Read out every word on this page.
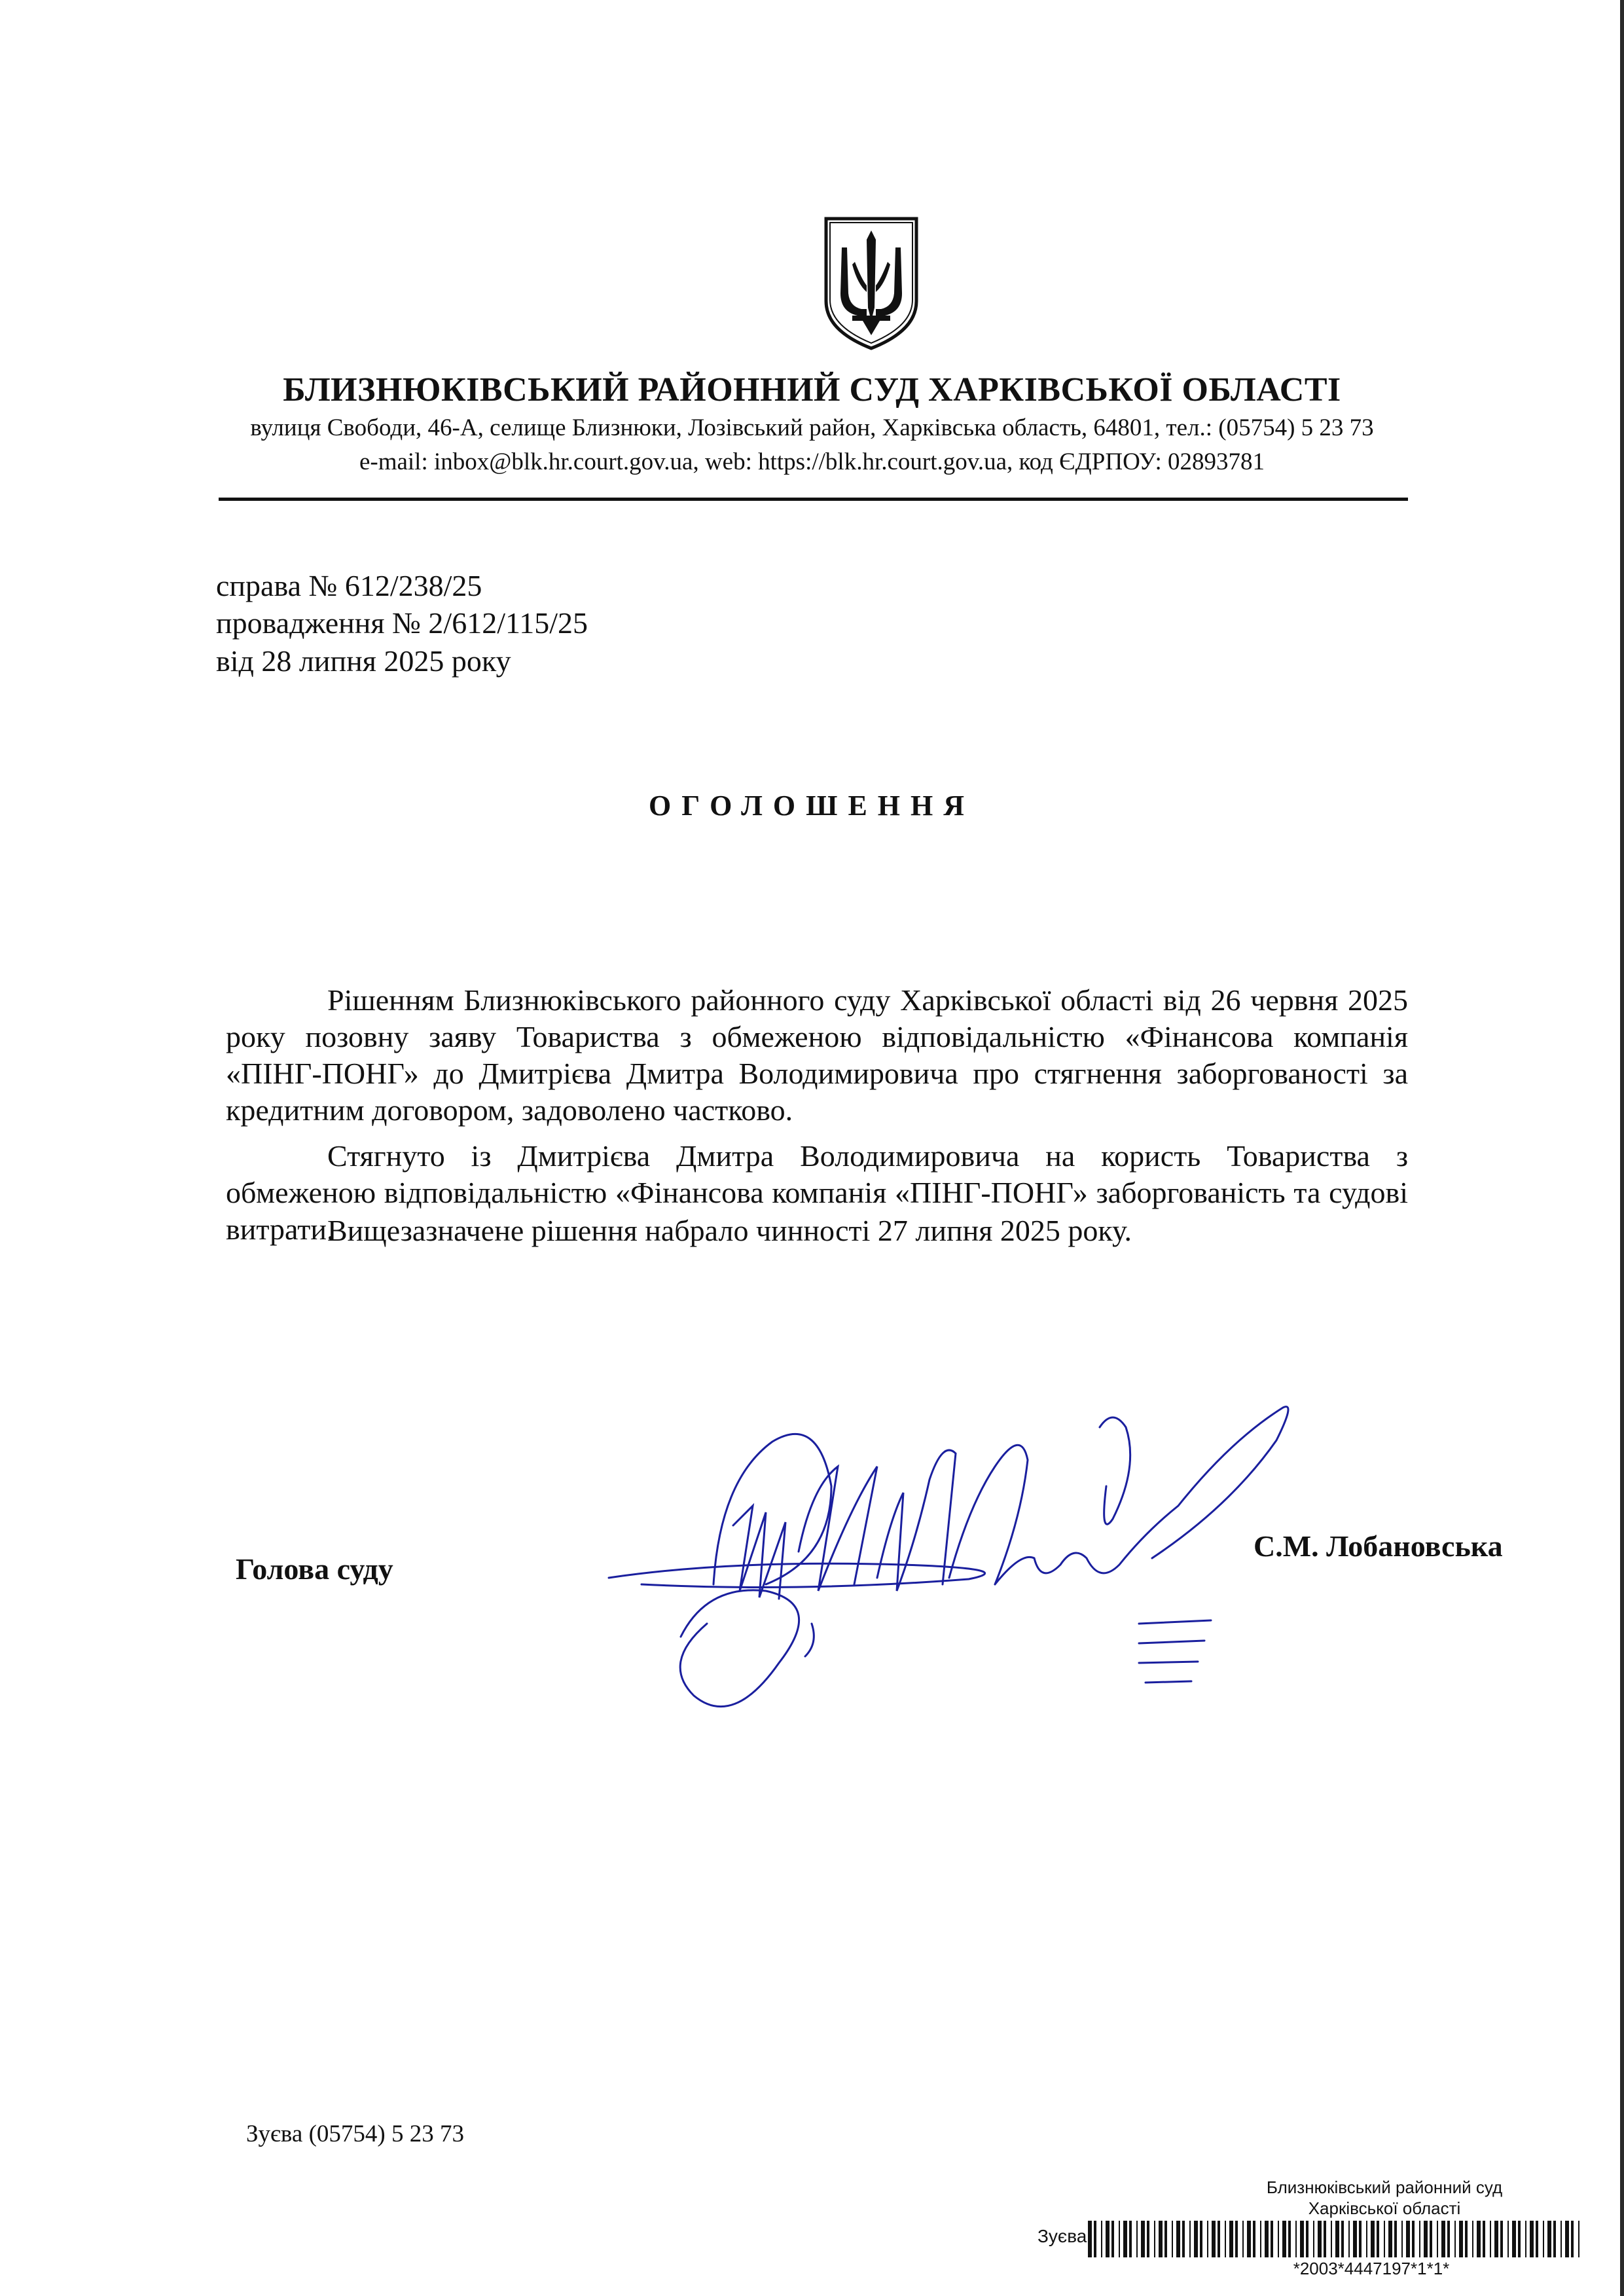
БЛИЗНЮКІВСЬКИЙ РАЙОННИЙ СУД ХАРКІВСЬКОЇ ОБЛАСТІ
вулиця Свободи, 46-А, селище Близнюки, Лозівський район, Харківська область, 64801, тел.: (05754) 5 23 73
e-mail: inbox@blk.hr.court.gov.ua, web: https://blk.hr.court.gov.ua, код ЄДРПОУ: 02893781
справа № 612/238/25
провадження № 2/612/115/25
від 28 липня 2025 року
ОГОЛОШЕННЯ

Рішенням Близнюківського районного суду Харківської області від 26 червня 2025 року позовну заяву Товариства з обмеженою відповідальністю «Фінансова компанія «ПІНГ-ПОНГ» до Дмитрієва Дмитра Володимировича про стягнення заборгованості за кредитним договором, задоволено частково.

Стягнуто із Дмитрієва Дмитра Володимировича на користь Товариства з обмеженою відповідальністю «Фінансова компанія «ПІНГ-ПОНГ» заборгованість та судові витрати.

Вищезазначене рішення набрало чинності 27 липня 2025 року.

Голова суду
С.М. Лобановська
Зуєва (05754) 5 23 73
Близнюківський районний суд
Харківської області
Зуєва
*2003*4447197*1*1*
